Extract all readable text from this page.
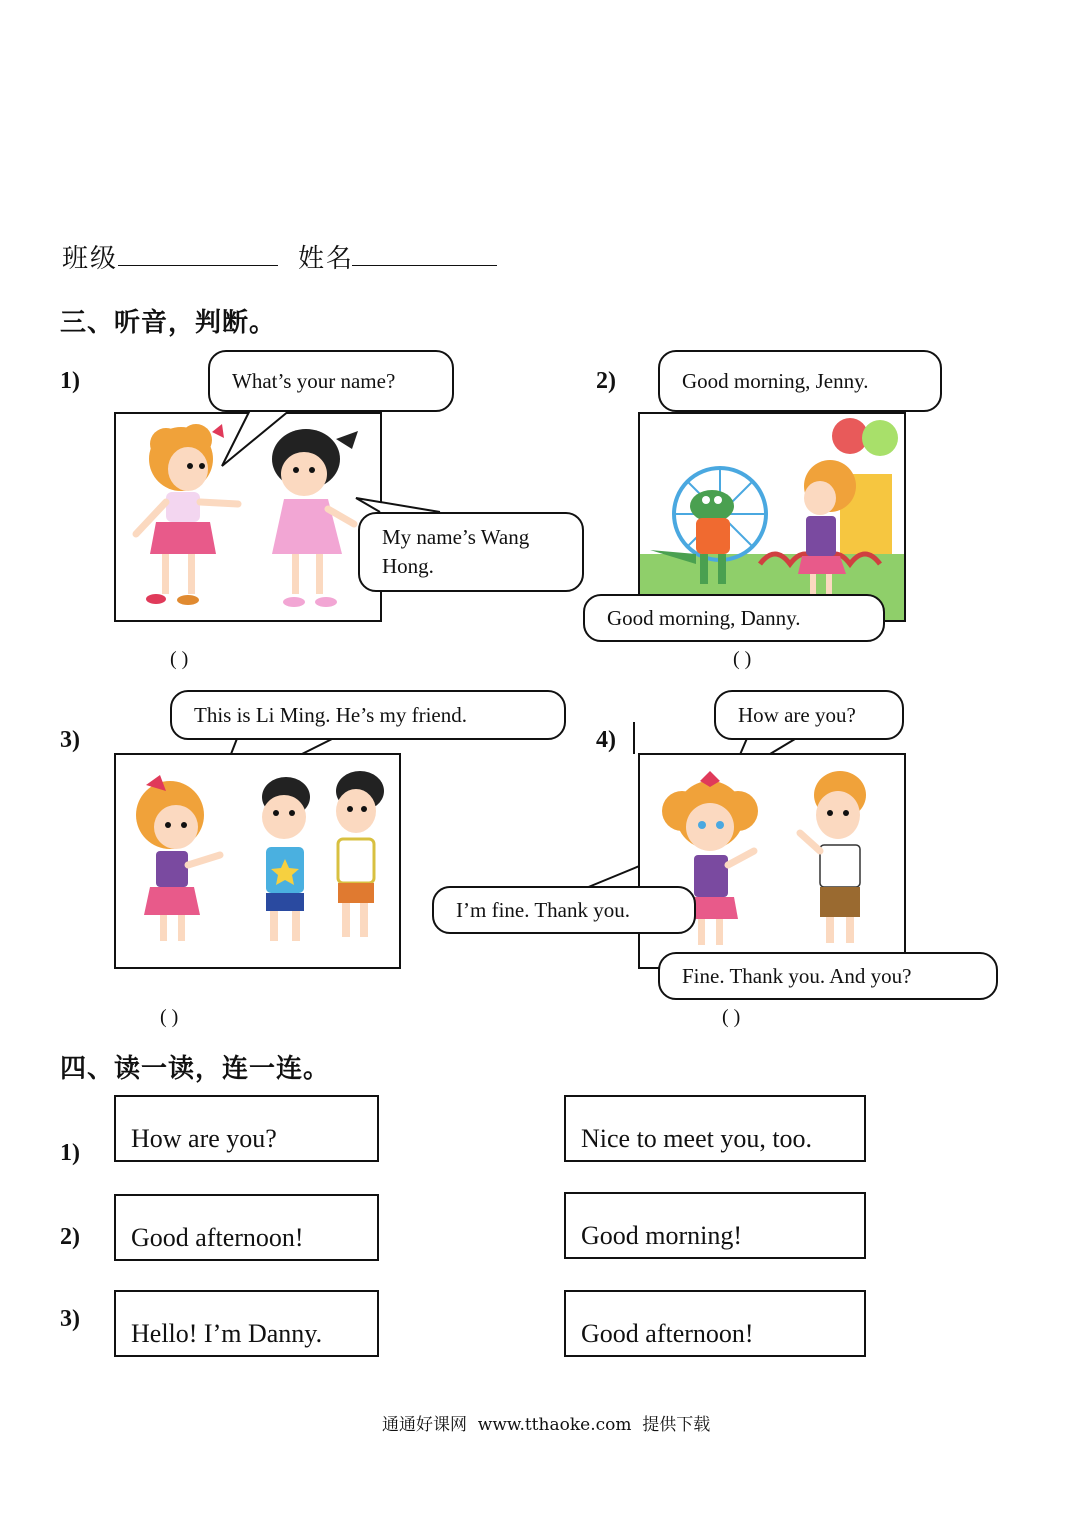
班级	姓名
三、听音，判断。
1)	What’s your name?
My name’s Wang Hong.
( )
2)	Good morning, Jenny.
Good morning, Danny.
( )
3)
This is Li Ming. He’s my friend.
( )
4)
How are you?
I’m fine. Thank you.
Fine. Thank you. And you?
( )
四、读一读，连一连。
1)	How are you?	Nice to meet you, too.
2)	Good afternoon!	Good morning!
3)	Hello! I’m Danny.	Good afternoon!
通通好课网  www.tthaoke.com  提供下载
